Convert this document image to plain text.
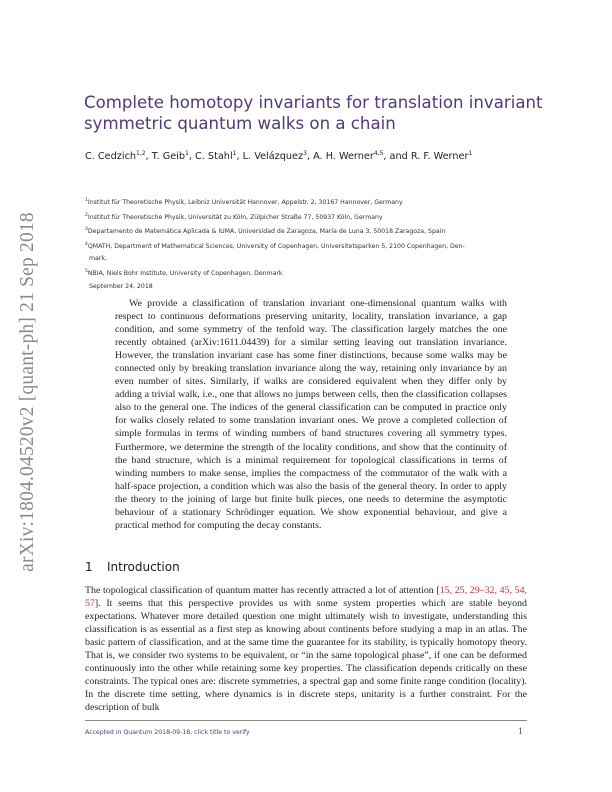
arXiv:1804.04520v2 [quant-ph] 21 Sep 2018
Complete homotopy invariants for translation invariant symmetric quantum walks on a chain
C. Cedzich$^{1,2}$, T. Geib$^1$, C. Stahl$^1$, L. Velázquez$^3$, A. H. Werner$^{4,5}$, and R. F. Werner$^1$
$^1$Institut für Theoretische Physik, Leibniz Universität Hannover, Appelstr. 2, 30167 Hannover, Germany
$^2$Institut für Theoretische Physik, Universität zu Köln, Zülpicher Straße 77, 50937 Köln, Germany
$^3$Departamento de Matemática Aplicada & IUMA, Universidad de Zaragoza, María de Luna 3, 50018 Zaragoza, Spain
$^4$QMATH, Department of Mathematical Sciences, University of Copenhagen, Universitetsparken 5, 2100 Copenhagen, Den-
mark,
$^5$NBIA, Niels Bohr Institute, University of Copenhagen, Denmark
September 24, 2018

We provide a classification of translation invariant one-dimensional quantum walks with respect to continuous deformations preserving unitarity, locality, translation invariance, a gap condition, and some symmetry of the tenfold way. The classification largely matches the one recently obtained (arXiv:1611.04439) for a similar setting leaving out translation invariance. However, the translation invariant case has some finer distinctions, because some walks may be connected only by breaking translation invariance along the way, retaining only invariance by an even number of sites. Similarly, if walks are considered equivalent when they differ only by adding a trivial walk, i.e., one that allows no jumps between cells, then the classification collapses also to the general one. The indices of the general classification can be computed in practice only for walks closely related to some translation invariant ones. We prove a completed collection of simple formulas in terms of winding numbers of band structures covering all symmetry types. Furthermore, we determine the strength of the locality conditions, and show that the continuity of the band structure, which is a minimal requirement for topological classifications in terms of winding numbers to make sense, implies the compactness of the commutator of the walk with a half-space projection, a condition which was also the basis of the general theory. In order to apply the theory to the joining of large but finite bulk pieces, one needs to determine the asymptotic behaviour of a stationary Schrödinger equation. We show exponential behaviour, and give a practical method for computing the decay constants.

1 Introduction

The topological classification of quantum matter has recently attracted a lot of attention [15, 25, 29–32, 45, 54, 57]. It seems that this perspective provides us with some system properties which are stable beyond expectations. Whatever more detailed question one might ultimately wish to investigate, understanding this classification is as essential as a first step as knowing about continents before studying a map in an atlas. The basic pattern of classification, and at the same time the guarantee for its stability, is typically homotopy theory. That is, we consider two systems to be equivalent, or “in the same topological phase”, if one can be deformed continuously into the other while retaining some key properties. The classification depends critically on these constraints. The typical ones are: discrete symmetries, a spectral gap and some finite range condition (locality). In the discrete time setting, where dynamics is in discrete steps, unitarity is a further constraint. For the description of bulk

Accepted in Quantum 2018-09-18, click title to verify	1
